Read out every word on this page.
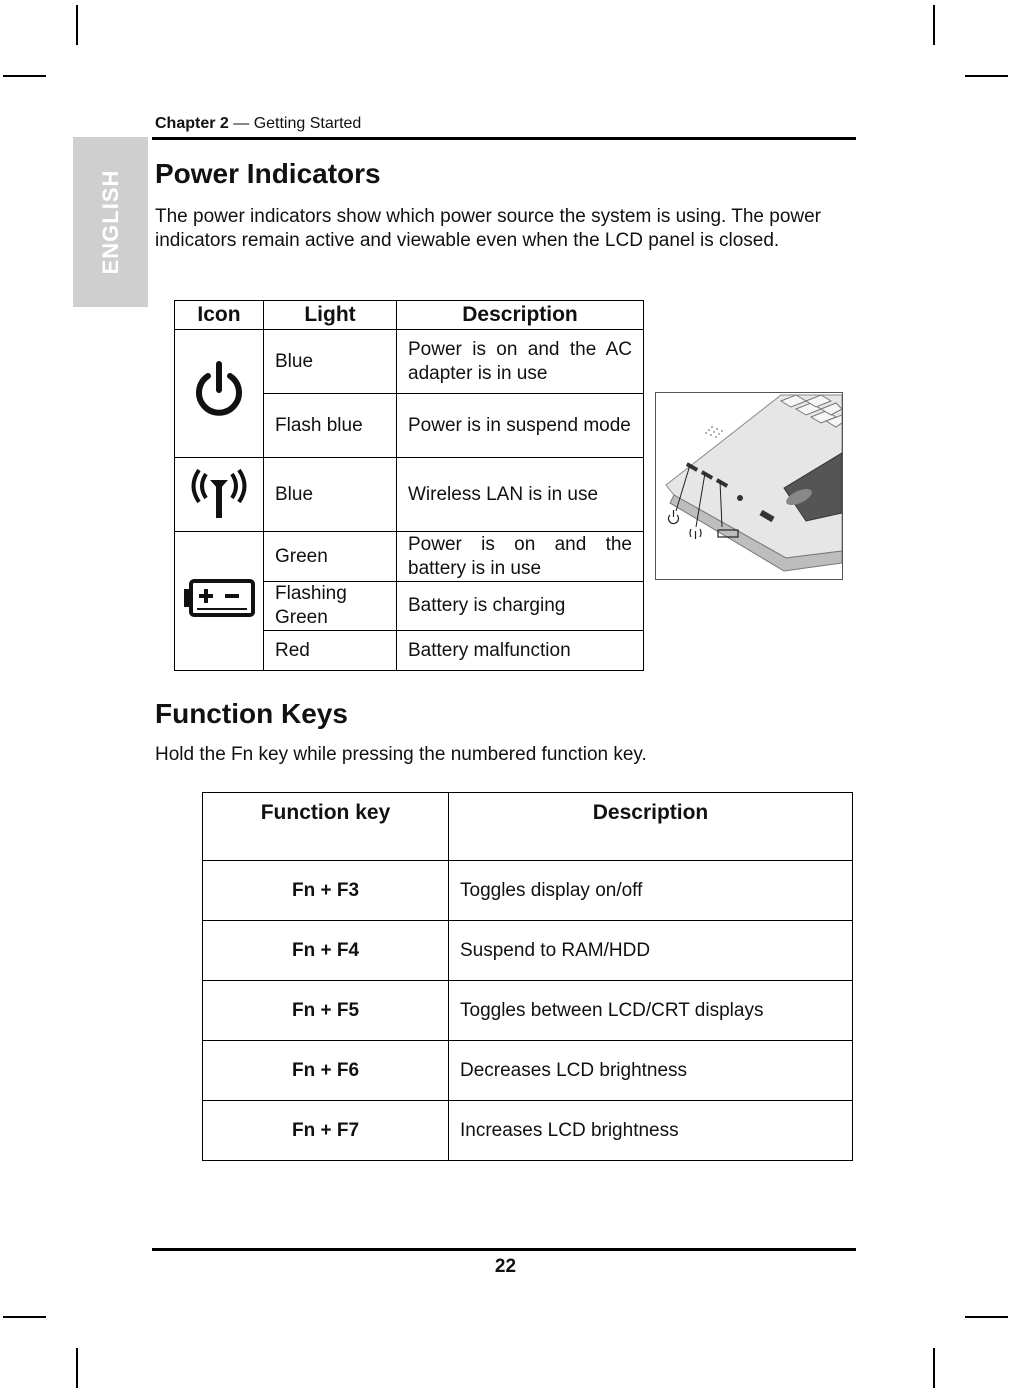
ENGLISH
Chapter 2 — Getting Started
Power Indicators
The power indicators show which power source the system is using. The power indicators remain active and viewable even when the LCD panel is closed.
Icon	Light	Description
	Blue	Power is on and the AC adapter is in use
	Flash blue	Power is in suspend mode
	Blue	Wireless LAN is in use
	Green	Power is on and the battery is in use
	Flashing Green	Battery is charging
	Red	Battery malfunction
Function Keys
Hold the Fn key while pressing the numbered function key.
Function key	Description
Fn + F3	Toggles display on/off
Fn + F4	Suspend to RAM/HDD
Fn + F5	Toggles between LCD/CRT displays
Fn + F6	Decreases LCD brightness
Fn + F7	Increases LCD brightness
22
